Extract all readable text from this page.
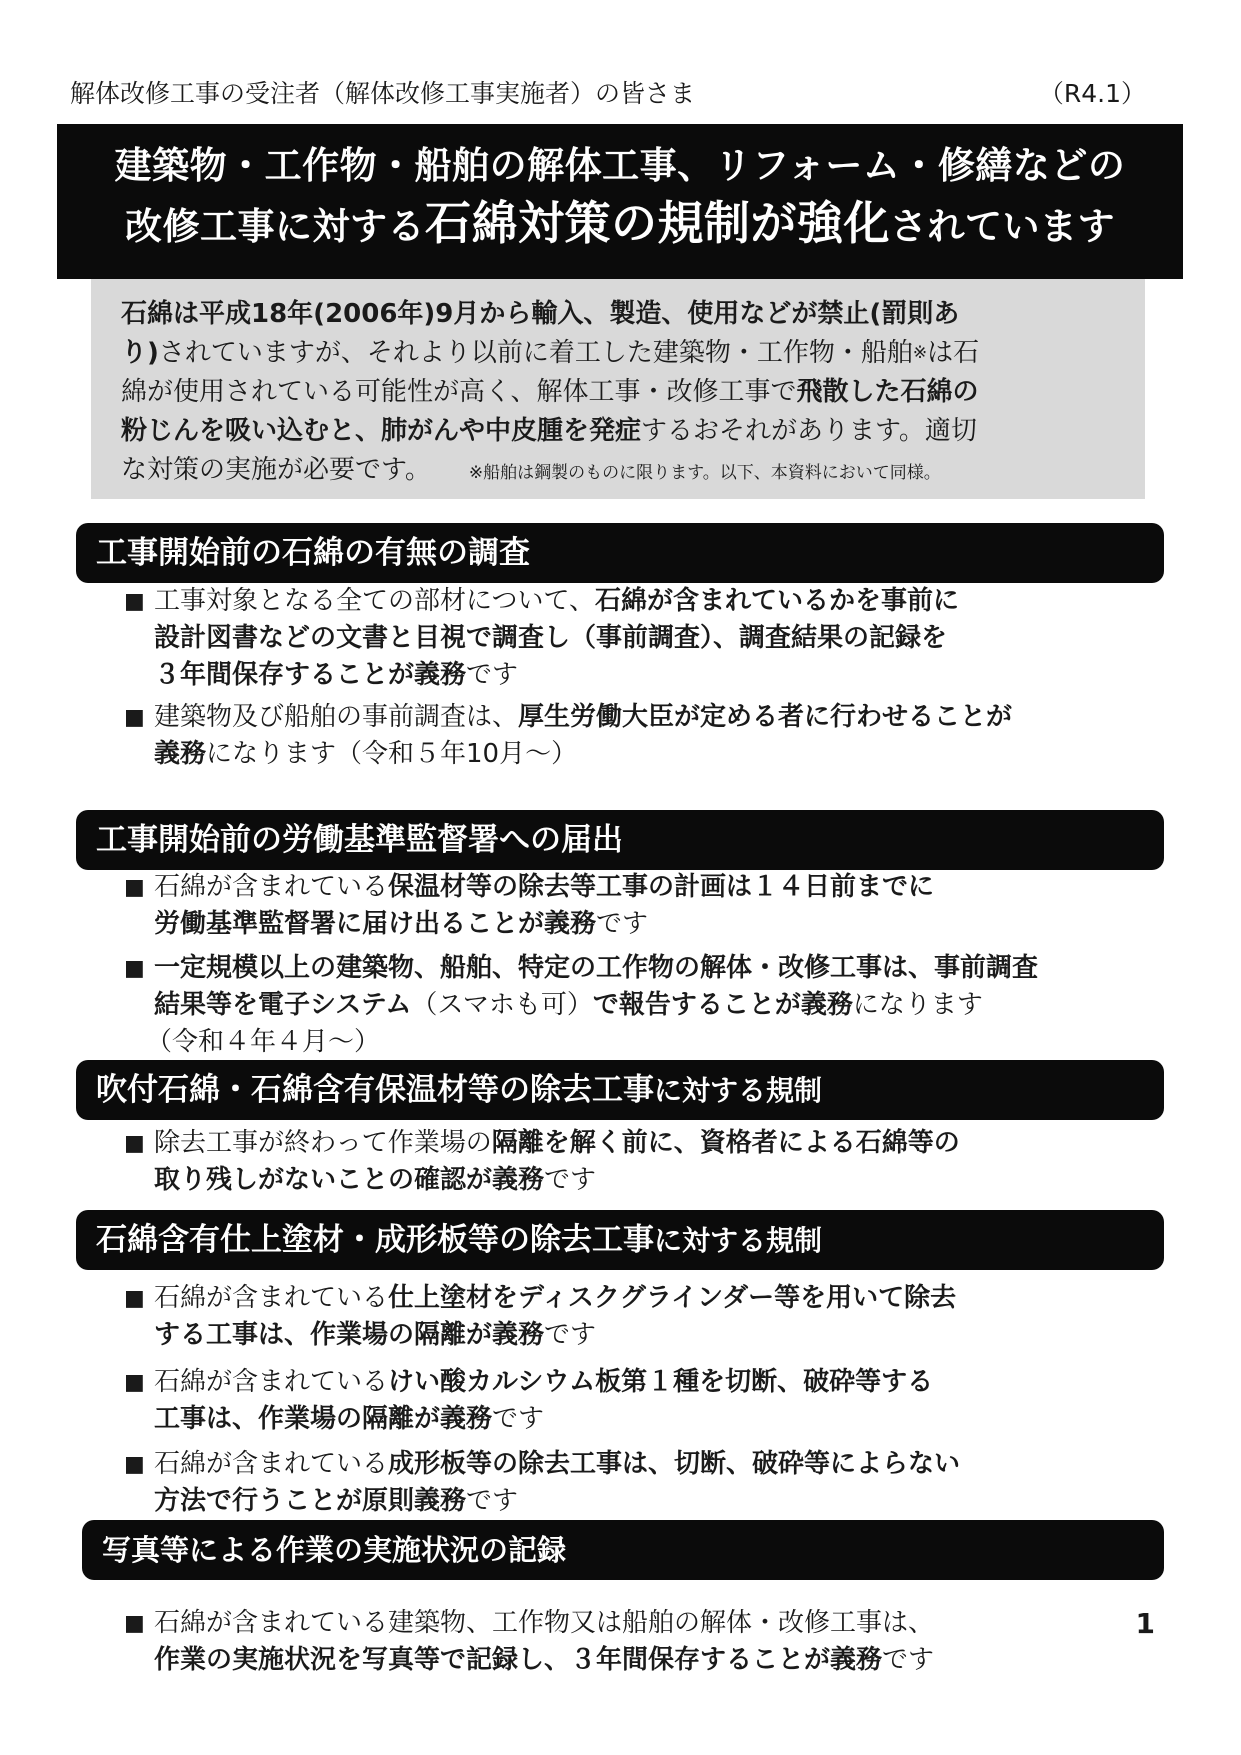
解体改修工事の受注者（解体改修工事実施者）の皆さま	（R4.1）
建築物・工作物・船舶の解体工事、リフォーム・修繕などの
改修工事に対する石綿対策の規制が強化されています
石綿は平成18年(2006年)9月から輸入、製造、使用などが禁止(罰則あ
り)されていますが、それより以前に着工した建築物・工作物・船舶※は石
綿が使用されている可能性が高く、解体工事・改修工事で飛散した石綿の
粉じんを吸い込むと、肺がんや中皮腫を発症するおそれがあります。適切
な対策の実施が必要です。 ※船舶は鋼製のものに限ります。以下、本資料において同様。
工事開始前の石綿の有無の調査
■ 工事対象となる全ての部材について、石綿が含まれているかを事前に
設計図書などの文書と目視で調査し（事前調査）、調査結果の記録を
３年間保存することが義務です
■ 建築物及び船舶の事前調査は、厚生労働大臣が定める者に行わせることが
義務になります（令和５年10月～）
工事開始前の労働基準監督署への届出
■ 石綿が含まれている保温材等の除去等工事の計画は１４日前までに
労働基準監督署に届け出ることが義務です
■ 一定規模以上の建築物、船舶、特定の工作物の解体・改修工事は、事前調査
結果等を電子システム（スマホも可）で報告することが義務になります
（令和４年４月～）
吹付石綿・石綿含有保温材等の除去工事に対する規制
■ 除去工事が終わって作業場の隔離を解く前に、資格者による石綿等の
取り残しがないことの確認が義務です
石綿含有仕上塗材・成形板等の除去工事に対する規制
■ 石綿が含まれている仕上塗材をディスクグラインダー等を用いて除去
する工事は、作業場の隔離が義務です
■ 石綿が含まれているけい酸カルシウム板第１種を切断、破砕等する
工事は、作業場の隔離が義務です
■ 石綿が含まれている成形板等の除去工事は、切断、破砕等によらない
方法で行うことが原則義務です
写真等による作業の実施状況の記録
■ 石綿が含まれている建築物、工作物又は船舶の解体・改修工事は、
作業の実施状況を写真等で記録し、３年間保存することが義務です
1
